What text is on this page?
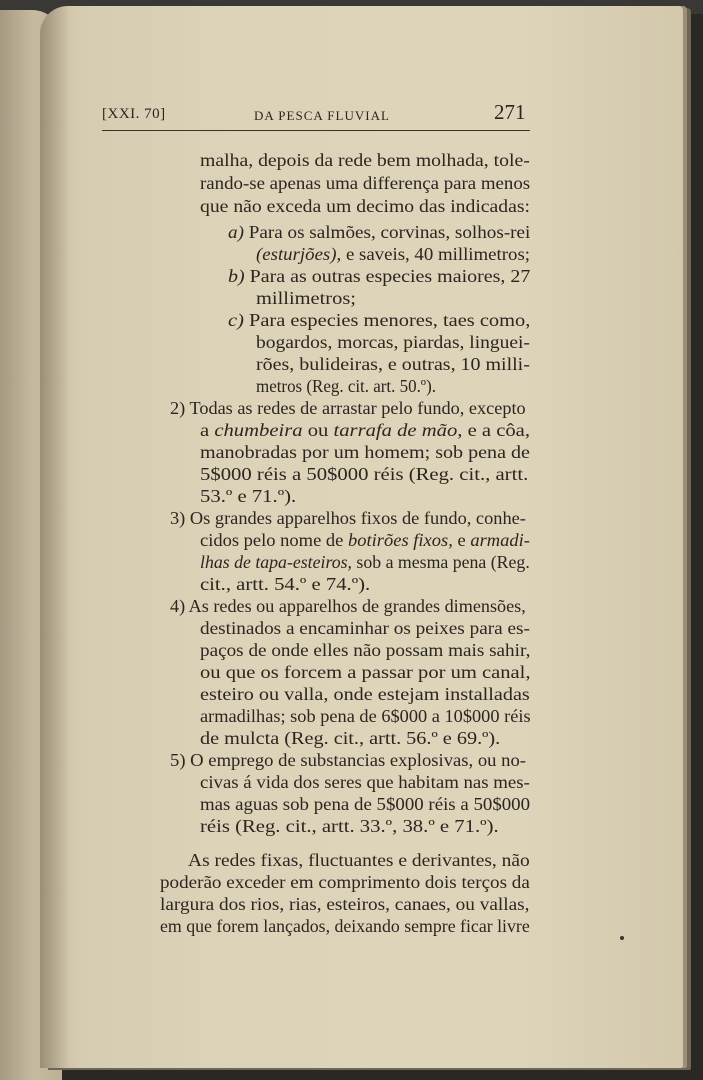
[XXI. 70]	DA PESCA FLUVIAL	271
malha, depois da rede bem molhada, tole-
rando-se apenas uma differença para menos
que não exceda um decimo das indicadas:
a) Para os salmões, corvinas, solhos-rei
(esturjões), e saveis, 40 millimetros;
b) Para as outras especies maiores, 27
millimetros;
c) Para especies menores, taes como,
bogardos, morcas, piardas, linguei-
rões, bulideiras, e outras, 10 milli-
metros (Reg. cit. art. 50.º).
2) Todas as redes de arrastar pelo fundo, excepto
a chumbeira ou tarrafa de mão, e a côa,
manobradas por um homem; sob pena de
5$000 réis a 50$000 réis (Reg. cit., artt.
53.º e 71.º).
3) Os grandes apparelhos fixos de fundo, conhe-
cidos pelo nome de botirões fixos, e armadi-
lhas de tapa-esteiros, sob a mesma pena (Reg.
cit., artt. 54.º e 74.º).
4) As redes ou apparelhos de grandes dimensões,
destinados a encaminhar os peixes para es-
paços de onde elles não possam mais sahir,
ou que os forcem a passar por um canal,
esteiro ou valla, onde estejam installadas
armadilhas; sob pena de 6$000 a 10$000 réis
de mulcta (Reg. cit., artt. 56.º e 69.º).
5) O emprego de substancias explosivas, ou no-
civas á vida dos seres que habitam nas mes-
mas aguas sob pena de 5$000 réis a 50$000
réis (Reg. cit., artt. 33.º, 38.º e 71.º).
As redes fixas, fluctuantes e derivantes, não
poderão exceder em comprimento dois terços da
largura dos rios, rias, esteiros, canaes, ou vallas,
em que forem lançados, deixando sempre ficar livre
